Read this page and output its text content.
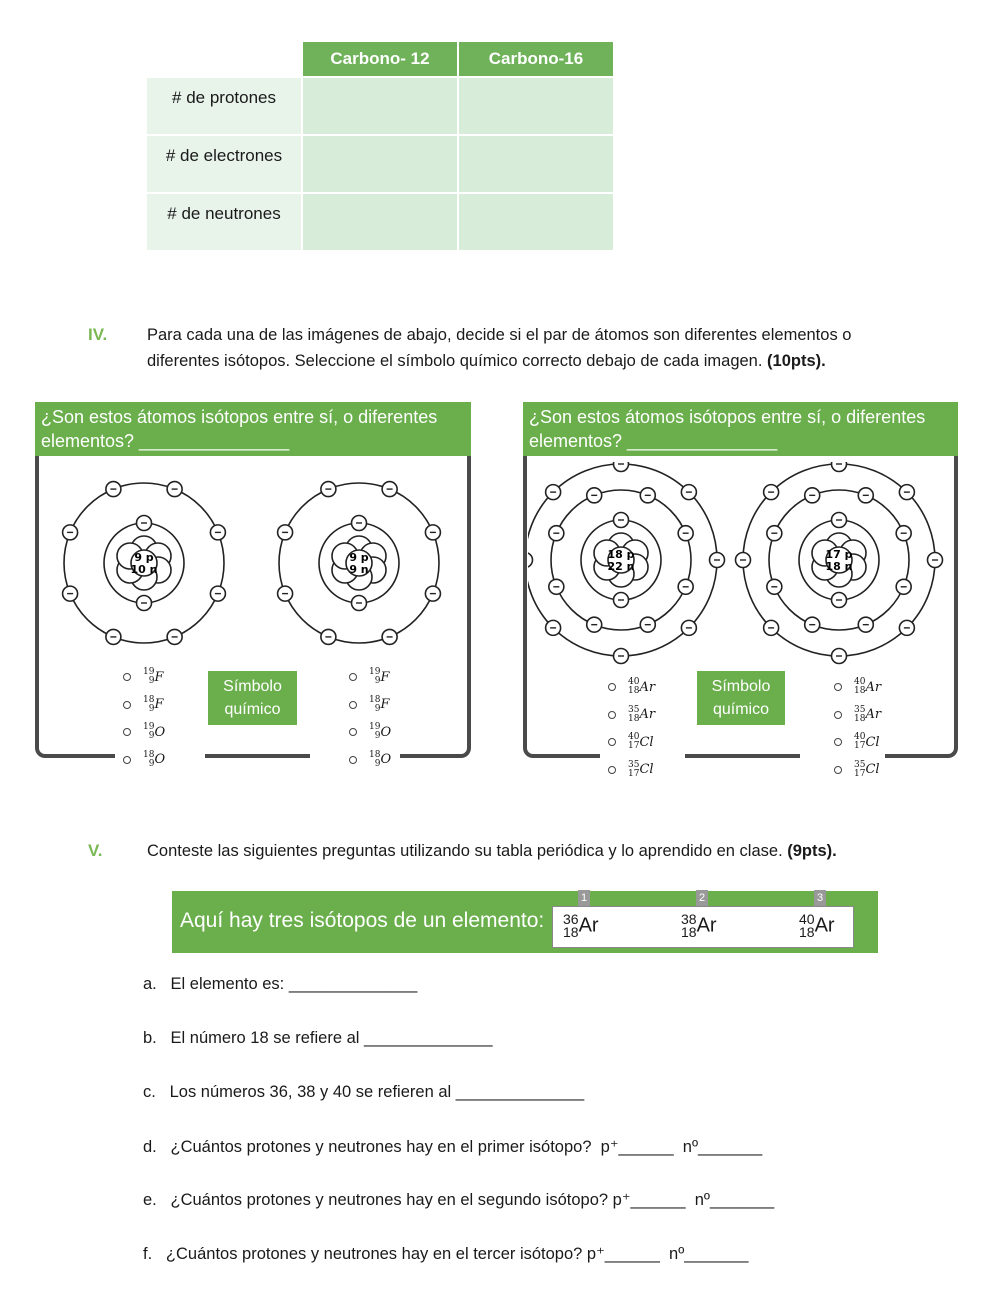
	Carbono- 12	Carbono-16
# de protones		
# de electrones		
# de neutrones		
IV. Para cada una de las imágenes de abajo, decide si el par de átomos son diferentes elementos o
diferentes isótopos. Seleccione el símbolo químico correcto debajo de cada imagen. (10pts).
¿Son estos átomos isótopos entre sí, o diferentes
elementos? _______________
9 p
10 n
9 p
9 n
Símbolo
químico
19
9 F
18
9 F
19
9 O
18
9 O
19
9 F
18
9 F
19
9 O
18
9 O
¿Son estos átomos isótopos entre sí, o diferentes
elementos? _______________
18 p
22 n
17 p
18 n
Símbolo
químico
40
18 Ar
35
18 Ar
40
17 Cl
35
17 Cl
40
18 Ar
35
18 Ar
40
17 Cl
35
17 Cl
V.	Conteste las siguientes preguntas utilizando su tabla periódica y lo aprendido en clase. (9pts).
Aquí hay tres isótopos de un elemento:
1
36
18 Ar
2
38
18 Ar
3
40
18 Ar
a.   El elemento es: ______________
b.   El número 18 se refiere al ______________
c.   Los números 36, 38 y 40 se refieren al ______________
d.   ¿Cuántos protones y neutrones hay en el primer isótopo?  p⁺______  nº_______
e.   ¿Cuántos protones y neutrones hay en el segundo isótopo? p⁺______  nº_______
f.   ¿Cuántos protones y neutrones hay en el tercer isótopo? p⁺______  nº_______
